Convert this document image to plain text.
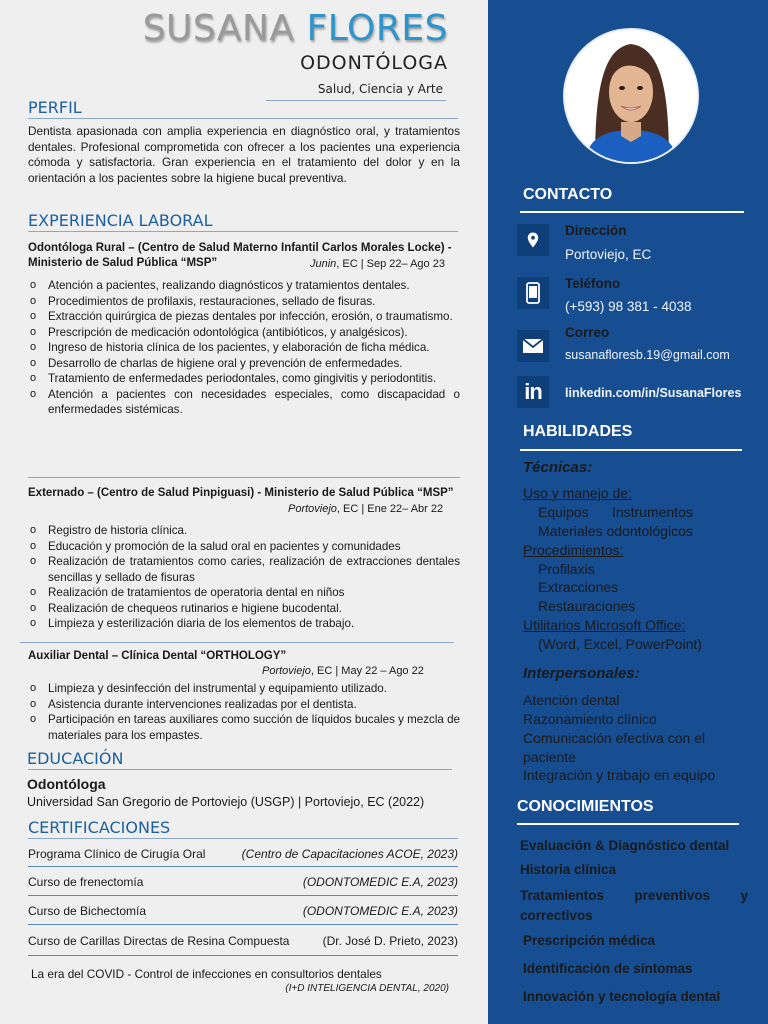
SUSANA FLORES
ODONTÓLOGA
Salud, Ciencia y Arte
PERFIL
Dentista apasionada con amplia experiencia en diagnóstico oral, y tratamientos dentales. Profesional comprometida con ofrecer a los pacientes una experiencia cómoda y satisfactoria. Gran experiencia en el tratamiento del dolor y en la orientación a los pacientes sobre la higiene bucal preventiva.
EXPERIENCIA LABORAL
Odontóloga Rural – (Centro de Salud Materno Infantil Carlos Morales Locke) - Ministerio de Salud Pública “MSP”	Junin, EC | Sep 22– Ago 23
o Atención a pacientes, realizando diagnósticos y tratamientos dentales.
o Procedimientos de profilaxis, restauraciones, sellado de fisuras.
o Extracción quirúrgica de piezas dentales por infección, erosión, o traumatismo.
o Prescripción de medicación odontológica (antibióticos, y analgésicos).
o Ingreso de historia clínica de los pacientes, y elaboración de ficha médica.
o Desarrollo de charlas de higiene oral y prevención de enfermedades.
o Tratamiento de enfermedades periodontales, como gingivitis y periodontitis.
o Atención a pacientes con necesidades especiales, como discapacidad o enfermedades sistémicas.
Externado – (Centro de Salud Pinpiguasi) - Ministerio de Salud Pública “MSP”
Portoviejo, EC | Ene 22– Abr 22
o Registro de historia clínica.
o Educación y promoción de la salud oral en pacientes y comunidades
o Realización de tratamientos como caries, realización de extracciones dentales sencillas y sellado de fisuras
o Realización de tratamientos de operatoria dental en niños
o Realización de chequeos rutinarios e higiene bucodental.
o Limpieza y esterilización diaria de los elementos de trabajo.
Auxiliar Dental – Clínica Dental “ORTHOLOGY”
Portoviejo, EC | May 22 – Ago 22
o Limpieza y desinfección del instrumental y equipamiento utilizado.
o Asistencia durante intervenciones realizadas por el dentista.
o Participación en tareas auxiliares como succión de líquidos bucales y mezcla de materiales para los empastes.
EDUCACIÓN
Odontóloga
Universidad San Gregorio de Portoviejo (USGP) | Portoviejo, EC (2022)
CERTIFICACIONES
Programa Clínico de Cirugía Oral	(Centro de Capacitaciones ACOE, 2023)
Curso de frenectomía	(ODONTOMEDIC E.A, 2023)
Curso de Bichectomía	(ODONTOMEDIC E.A, 2023)
Curso de Carillas Directas de Resina Compuesta	(Dr. José D. Prieto, 2023)
La era del COVID - Control de infecciones en consultorios dentales
(I+D INTELIGENCIA DENTAL, 2020)
CONTACTO
Dirección
Portoviejo, EC
Teléfono
(+593) 98 381 - 4038
Correo
susanafloresb.19@gmail.com
in linkedin.com/in/SusanaFlores
HABILIDADES
Técnicas:
Uso y manejo de:
Equipos      Instrumentos
Materiales odontológicos
Procedimientos:
Profilaxis
Extracciones
Restauraciones
Utilitarios Microsoft Office:
(Word, Excel, PowerPoint)
Interpersonales:
Atención dental
Razonamiento clínico
Comunicación efectiva con el
paciente
Integración y trabajo en equipo
CONOCIMIENTOS
Evaluación & Diagnóstico dental
Historia clínica
Tratamientos preventivos y
correctivos
Prescripción médica
Identificación de síntomas
Innovación y tecnología dental
